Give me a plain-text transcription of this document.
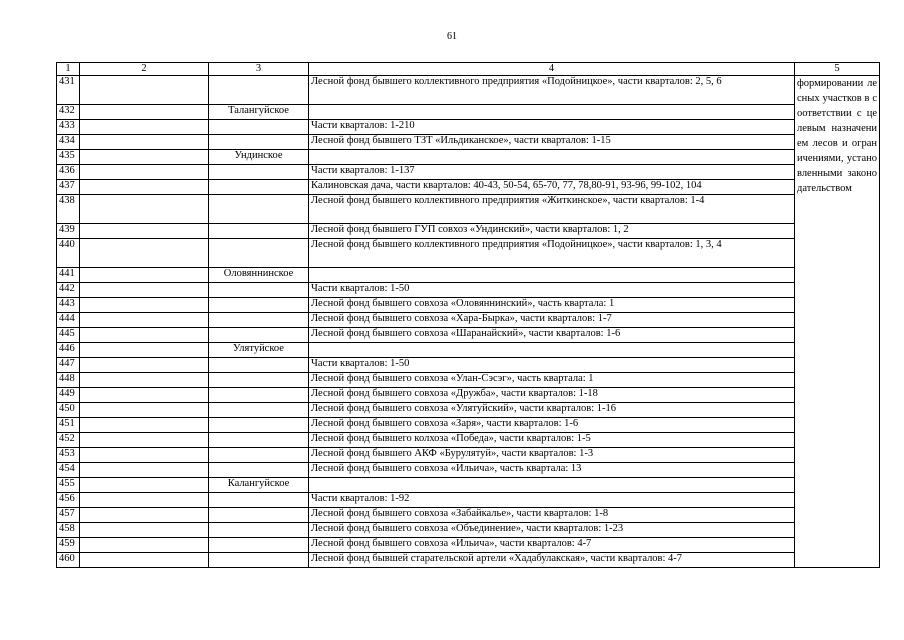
61
1	2	3	4	5
431			Лесной фонд бывшего коллективного предприятия «Подойницкое», части кварталов: 2, 5, 6	формировании лесных участков в соответствии с целевым назначением лесов и ограничениями, установленными законодательством
432		Талангуйское		
433			Части кварталов: 1-210	
434			Лесной фонд бывшего ТЗТ «Ильдиканское», части кварталов: 1-15	
435		Ундинское		
436			Части кварталов: 1-137	
437			Калиновская дача, части кварталов: 40-43, 50-54, 65-70, 77, 78,80-91, 93-96, 99-102, 104	
438			Лесной фонд бывшего коллективного предприятия «Житкинское», части кварталов: 1-4	
439			Лесной фонд бывшего ГУП совхоз «Ундинский», части кварталов: 1, 2	
440			Лесной фонд бывшего коллективного предприятия «Подойницкое», части кварталов: 1, 3, 4	
441		Оловяннинское		
442			Части кварталов: 1-50	
443			Лесной фонд бывшего совхоза «Оловяннинский», часть квартала: 1	
444			Лесной фонд бывшего совхоза «Хара-Бырка», части кварталов: 1-7	
445			Лесной фонд бывшего совхоза «Шаранайский», части кварталов: 1-6	
446		Улятуйское		
447			Части кварталов: 1-50	
448			Лесной фонд бывшего совхоза «Улан-Сэсэг», часть квартала: 1	
449			Лесной фонд бывшего совхоза «Дружба», части кварталов: 1-18	
450			Лесной фонд бывшего совхоза «Улятуйский», части кварталов: 1-16	
451			Лесной фонд бывшего совхоза «Заря», части кварталов: 1-6	
452			Лесной фонд бывшего колхоза «Победа», части кварталов: 1-5	
453			Лесной фонд бывшего АКФ «Бурулятуй», части кварталов: 1-3	
454			Лесной фонд бывшего совхоза «Ильича», часть квартала: 13	
455		Калангуйское		
456			Части кварталов: 1-92	
457			Лесной фонд бывшего совхоза «Забайкалье», части кварталов: 1-8	
458			Лесной фонд бывшего совхоза «Объединение», части кварталов: 1-23	
459			Лесной фонд бывшего совхоза «Ильича», части кварталов: 4-7	
460			Лесной фонд бывшей старательской артели «Хадабулакская», части кварталов: 4-7	
